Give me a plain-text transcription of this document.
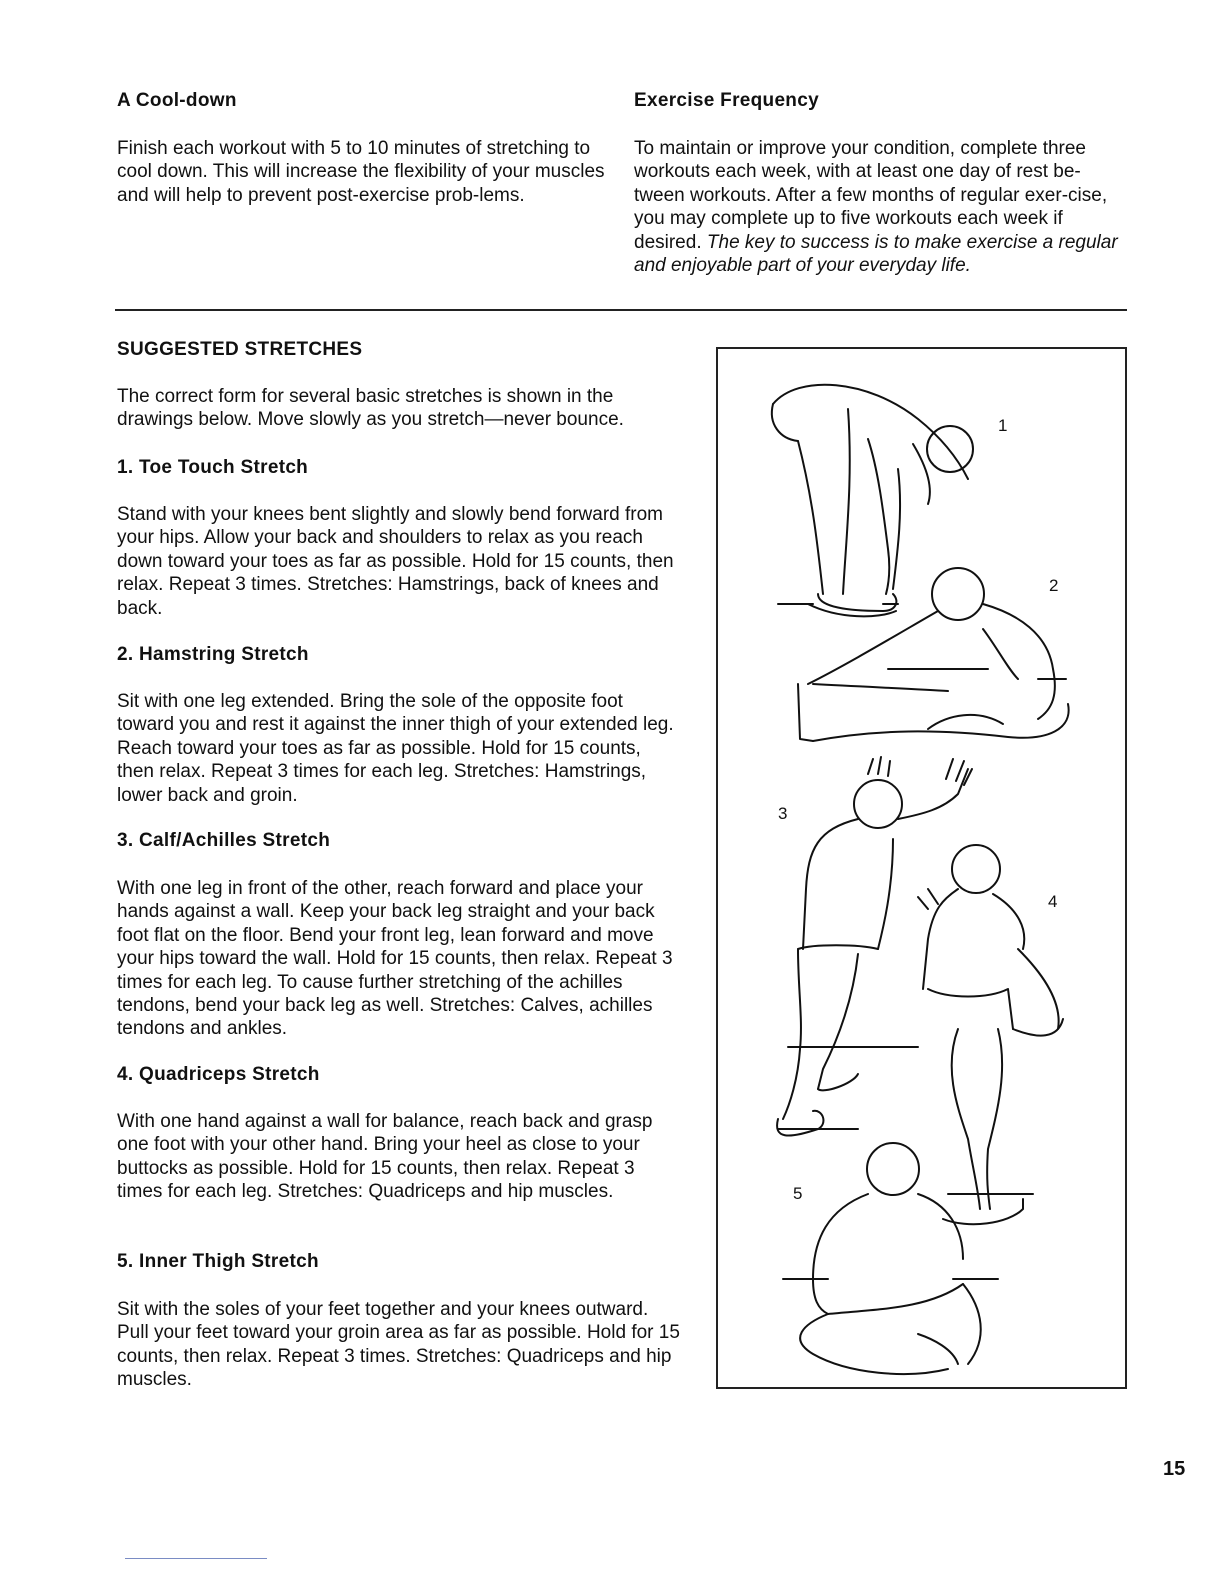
A Cool-down

Finish each workout with 5 to 10 minutes of stretching to cool down. This will increase the flexibility of your muscles and will help to prevent post-exercise prob-lems.

Exercise Frequency

To maintain or improve your condition, complete three workouts each week, with at least one day of rest be-tween workouts. After a few months of regular exer-cise, you may complete up to five workouts each week if desired. The key to success is to make exercise a regular and enjoyable part of your everyday life.

SUGGESTED STRETCHES

The correct form for several basic stretches is shown in the drawings below. Move slowly as you stretch—never bounce.

1. Toe Touch Stretch

Stand with your knees bent slightly and slowly bend forward from your hips. Allow your back and shoulders to relax as you reach down toward your toes as far as possible. Hold for 15 counts, then relax. Repeat 3 times. Stretches: Hamstrings, back of knees and back.

2. Hamstring Stretch

Sit with one leg extended. Bring the sole of the opposite foot toward you and rest it against the inner thigh of your extended leg. Reach toward your toes as far as possible. Hold for 15 counts, then relax. Repeat 3 times for each leg. Stretches: Hamstrings, lower back and groin.

3. Calf/Achilles Stretch

With one leg in front of the other, reach forward and place your hands against a wall. Keep your back leg straight and your back foot flat on the floor. Bend your front leg, lean forward and move your hips toward the wall. Hold for 15 counts, then relax. Repeat 3 times for each leg. To cause further stretching of the achilles tendons, bend your back leg as well. Stretches: Calves, achilles tendons and ankles.

4. Quadriceps Stretch

With one hand against a wall for balance, reach back and grasp one foot with your other hand. Bring your heel as close to your buttocks as possible. Hold for 15 counts, then relax. Repeat 3 times for each leg. Stretches: Quadriceps and hip muscles.

5. Inner Thigh Stretch

Sit with the soles of your feet together and your knees outward. Pull your feet toward your groin area as far as possible. Hold for 15 counts, then relax. Repeat 3 times. Stretches: Quadriceps and hip muscles.

1
2
3
4
5
15
